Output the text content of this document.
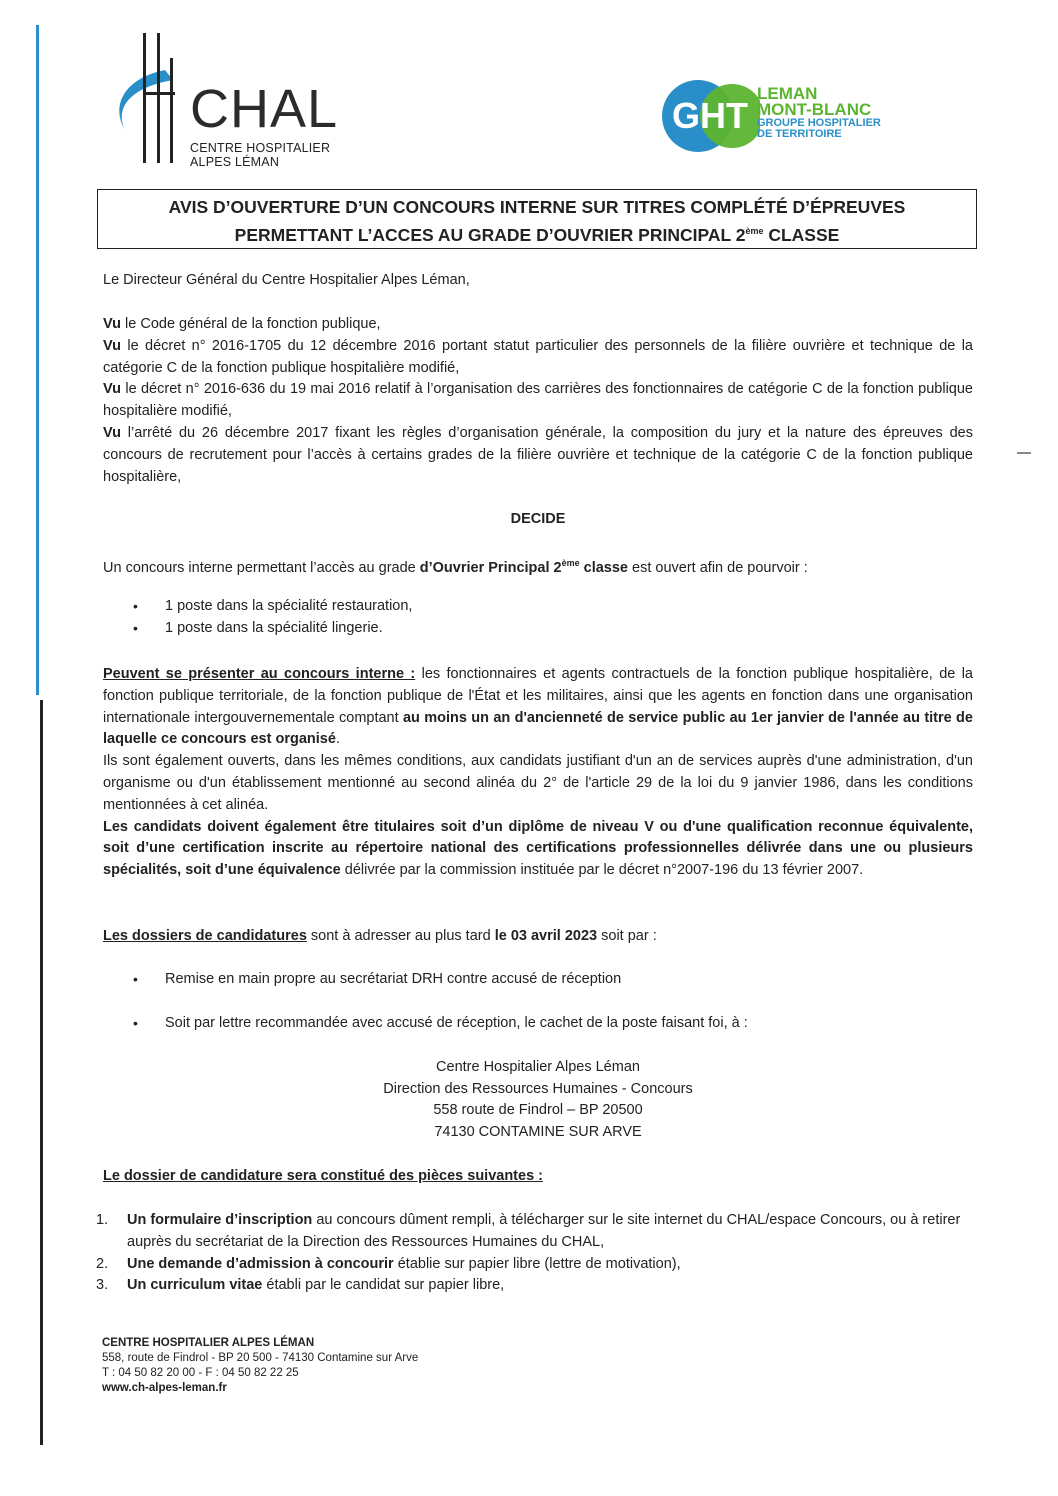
CHAL
CENTRE HOSPITALIER
ALPES LÉMAN
GHT
LEMAN
MONT-BLANC
GROUPE HOSPITALIER
DE TERRITOIRE
AVIS D’OUVERTURE D’UN CONCOURS INTERNE SUR TITRES COMPLÉTÉ D’ÉPREUVES
PERMETTANT L’ACCES AU GRADE D’OUVRIER PRINCIPAL 2ème CLASSE

Le Directeur Général du Centre Hospitalier Alpes Léman,

Vu le Code général de la fonction publique,

Vu le décret n° 2016-1705 du 12 décembre 2016 portant statut particulier des personnels de la filière ouvrière et technique de la catégorie C de la fonction publique hospitalière modifié,

Vu le décret n° 2016-636 du 19 mai 2016 relatif à l’organisation des carrières des fonctionnaires de catégorie C de la fonction publique hospitalière modifié,

Vu l’arrêté du 26 décembre 2017 fixant les règles d’organisation générale, la composition du jury et la nature des épreuves des concours de recrutement pour l’accès à certains grades de la filière ouvrière et technique de la catégorie C de la fonction publique hospitalière,

DECIDE

Un concours interne permettant l’accès au grade d’Ouvrier Principal 2ème classe est ouvert afin de pourvoir :

• 1 poste dans la spécialité restauration,
• 1 poste dans la spécialité lingerie.

Peuvent se présenter au concours interne : les fonctionnaires et agents contractuels de la fonction publique hospitalière, de la fonction publique territoriale, de la fonction publique de l'État et les militaires, ainsi que les agents en fonction dans une organisation internationale intergouvernementale comptant au moins un an d'ancienneté de service public au 1er janvier de l'année au titre de laquelle ce concours est organisé.

Ils sont également ouverts, dans les mêmes conditions, aux candidats justifiant d'un an de services auprès d'une administration, d'un organisme ou d'un établissement mentionné au second alinéa du 2° de l'article 29 de la loi du 9 janvier 1986, dans les conditions mentionnées à cet alinéa.

Les candidats doivent également être titulaires soit d’un diplôme de niveau V ou d'une qualification reconnue équivalente, soit d’une certification inscrite au répertoire national des certifications professionnelles délivrée dans une ou plusieurs spécialités, soit d’une équivalence délivrée par la commission instituée par le décret n°2007-196 du 13 février 2007.

Les dossiers de candidatures sont à adresser au plus tard le 03 avril 2023 soit par :

• Remise en main propre au secrétariat DRH contre accusé de réception
• Soit par lettre recommandée avec accusé de réception, le cachet de la poste faisant foi, à :

Centre Hospitalier Alpes Léman

Direction des Ressources Humaines - Concours

558 route de Findrol – BP 20500

74130 CONTAMINE SUR ARVE

Le dossier de candidature sera constitué des pièces suivantes :

1. Un formulaire d’inscription au concours dûment rempli, à télécharger sur le site internet du CHAL/espace Concours, ou à retirer auprès du secrétariat de la Direction des Ressources Humaines du CHAL,
2. Une demande d’admission à concourir établie sur papier libre (lettre de motivation),
3. Un curriculum vitae établi par le candidat sur papier libre,
CENTRE HOSPITALIER ALPES LÉMAN
558, route de Findrol - BP 20 500 - 74130 Contamine sur Arve
T : 04 50 82 20 00 - F : 04 50 82 22 25
www.ch-alpes-leman.fr
